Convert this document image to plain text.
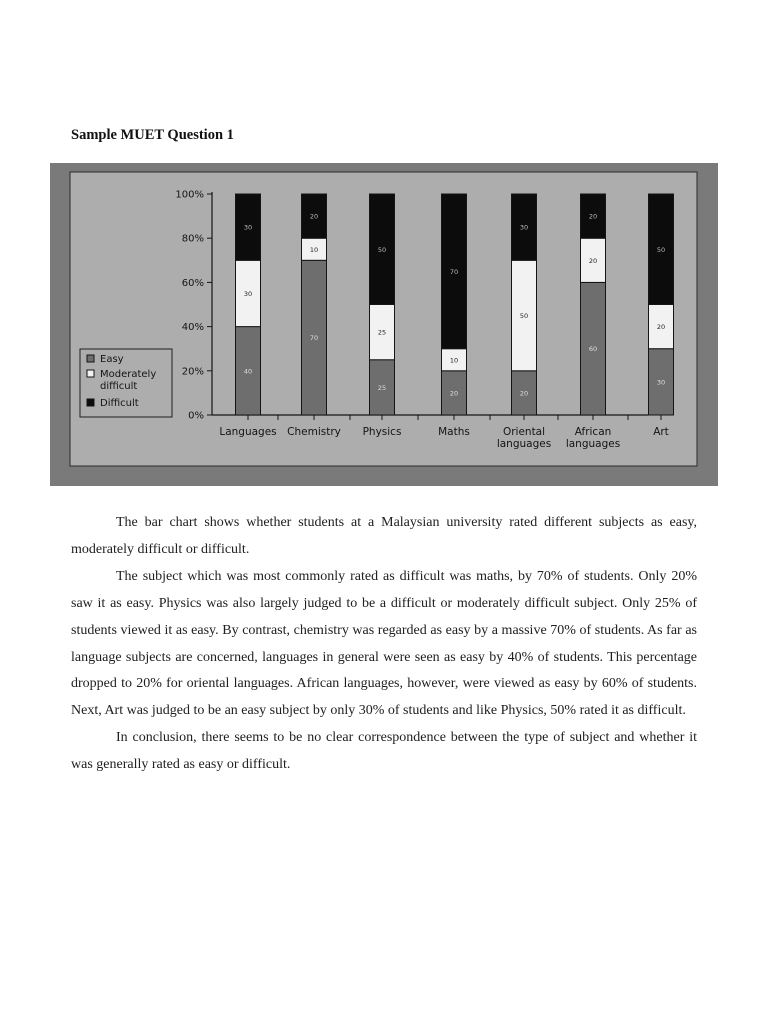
Sample MUET Question 1
0%
20%
40%
60%
80%
100%
40
30
30
Languages
70
10
20
Chemistry
25
25
50
Physics
20
10
70
Maths
20
50
30
Oriental
languages
60
20
20
African
languages
30
20
50
Art
Easy
Moderately
difficult
Difficult

The bar chart shows whether students at a Malaysian university rated different subjects as easy, moderately difficult or difficult.

The subject which was most commonly rated as difficult was maths, by 70% of students. Only 20% saw it as easy. Physics was also largely judged to be a difficult or moderately difficult subject. Only 25% of students viewed it as easy. By contrast, chemistry was regarded as easy by a massive 70% of students. As far as language subjects are concerned, languages in general were seen as easy by 40% of students. This percentage dropped to 20% for oriental languages. African languages, however, were viewed as easy by 60% of students. Next, Art was judged to be an easy subject by only 30% of students and like Physics, 50% rated it as difficult.

In conclusion, there seems to be no clear correspondence between the type of subject and whether it was generally rated as easy or difficult.
